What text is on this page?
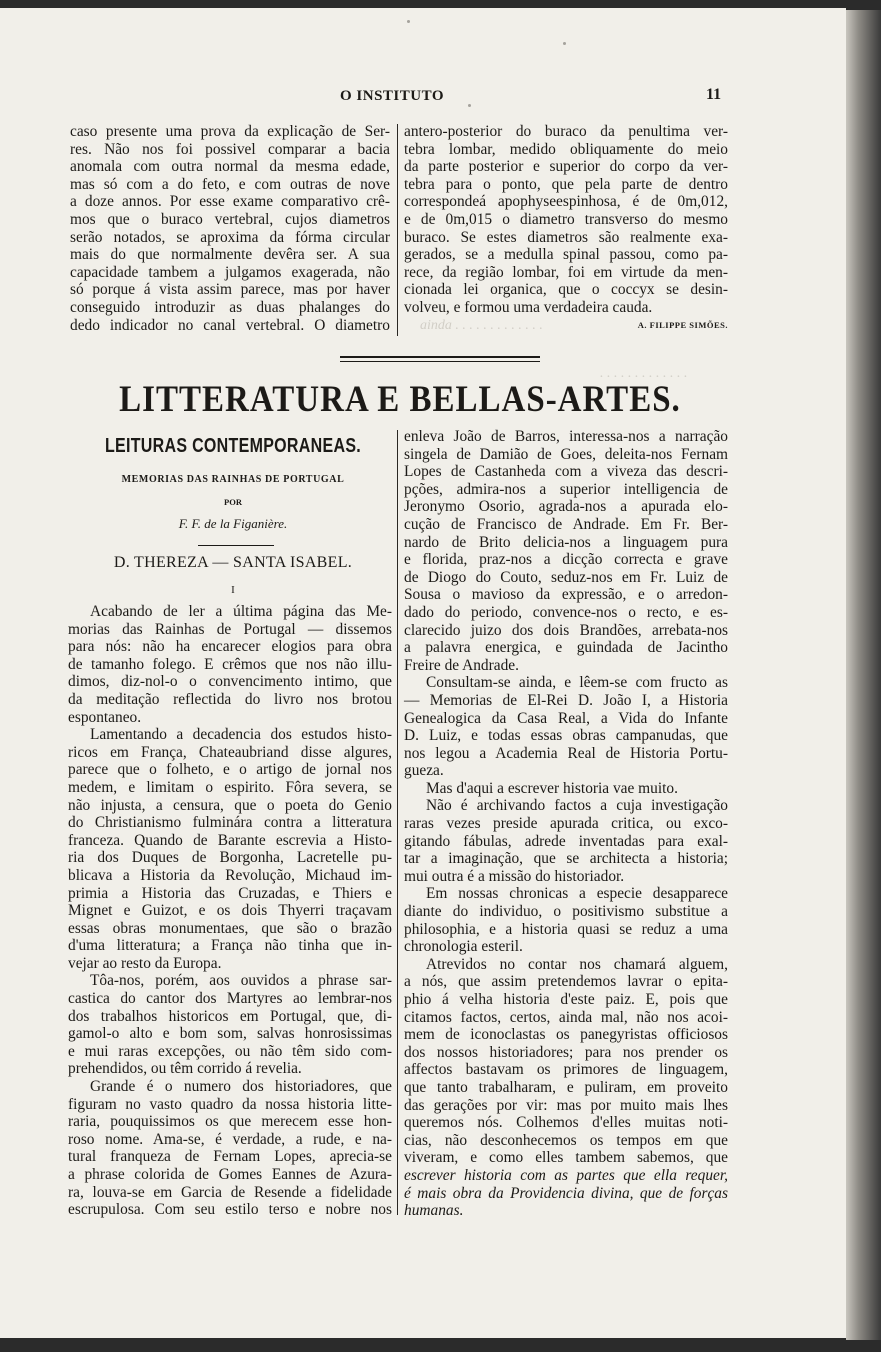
ainda . . . . . . . . . . . . .
. . . . . . . . . . . . .
O INSTITUTO	11

caso presente uma prova da explicação de Ser-

res. Não nos foi possivel comparar a bacia

anomala com outra normal da mesma edade,

mas só com a do feto, e com outras de nove

a doze annos. Por esse exame comparativo crê-

mos que o buraco vertebral, cujos diametros

serão notados, se aproxima da fórma circular

mais do que normalmente devêra ser. A sua

capacidade tambem a julgamos exagerada, não

só porque á vista assim parece, mas por haver

conseguido introduzir as duas phalanges do

dedo indicador no canal vertebral. O diametro

antero-posterior do buraco da penultima ver-

tebra lombar, medido obliquamente do meio

da parte posterior e superior do corpo da ver-

tebra para o ponto, que pela parte de dentro

correspondeá apophyseespinhosa, é de 0m,012,

e de 0m,015 o diametro transverso do mesmo

buraco. Se estes diametros são realmente exa-

gerados, se a medulla spinal passou, como pa-

rece, da região lombar, foi em virtude da men-

cionada lei organica, que o coccyx se desin-

volveu, e formou uma verdadeira cauda.

A. FILIPPE SIMÕES.

LITTERATURA E BELLAS-ARTES.
LEITURAS CONTEMPORANEAS.
MEMORIAS DAS RAINHAS DE PORTUGAL
POR
F. F. de la Figanière.
D. THEREZA — SANTA ISABEL.
I

Acabando de ler a última página das Me-

morias das Rainhas de Portugal — dissemos

para nós: não ha encarecer elogios para obra

de tamanho folego. E crêmos que nos não illu-

dimos, diz-nol-o o convencimento intimo, que

da meditação reflectida do livro nos brotou

espontaneo.

Lamentando a decadencia dos estudos histo-

ricos em França, Chateaubriand disse algures,

parece que o folheto, e o artigo de jornal nos

medem, e limitam o espirito. Fôra severa, se

não injusta, a censura, que o poeta do Genio

do Christianismo fulminára contra a litteratura

franceza. Quando de Barante escrevia a Histo-

ria dos Duques de Borgonha, Lacretelle pu-

blicava a Historia da Revolução, Michaud im-

primia a Historia das Cruzadas, e Thiers e

Mignet e Guizot, e os dois Thyerri traçavam

essas obras monumentaes, que são o brazão

d'uma litteratura; a França não tinha que in-

vejar ao resto da Europa.

Tôa-nos, porém, aos ouvidos a phrase sar-

castica do cantor dos Martyres ao lembrar-nos

dos trabalhos historicos em Portugal, que, di-

gamol-o alto e bom som, salvas honrosissimas

e mui raras excepções, ou não têm sido com-

prehendidos, ou têm corrido á revelia.

Grande é o numero dos historiadores, que

figuram no vasto quadro da nossa historia litte-

raria, pouquissimos os que merecem esse hon-

roso nome. Ama-se, é verdade, a rude, e na-

tural franqueza de Fernam Lopes, aprecia-se

a phrase colorida de Gomes Eannes de Azura-

ra, louva-se em Garcia de Resende a fidelidade

escrupulosa. Com seu estilo terso e nobre nos

enleva João de Barros, interessa-nos a narração

singela de Damião de Goes, deleita-nos Fernam

Lopes de Castanheda com a viveza das descri-

pções, admira-nos a superior intelligencia de

Jeronymo Osorio, agrada-nos a apurada elo-

cução de Francisco de Andrade. Em Fr. Ber-

nardo de Brito delicia-nos a linguagem pura

e florida, praz-nos a dicção correcta e grave

de Diogo do Couto, seduz-nos em Fr. Luiz de

Sousa o mavioso da expressão, e o arredon-

dado do periodo, convence-nos o recto, e es-

clarecido juizo dos dois Brandões, arrebata-nos

a palavra energica, e guindada de Jacintho

Freire de Andrade.

Consultam-se ainda, e lêem-se com fructo as

— Memorias de El-Rei D. João I, a Historia

Genealogica da Casa Real, a Vida do Infante

D. Luiz, e todas essas obras campanudas, que

nos legou a Academia Real de Historia Portu-

gueza.

Mas d'aqui a escrever historia vae muito.

Não é archivando factos a cuja investigação

raras vezes preside apurada critica, ou exco-

gitando fábulas, adrede inventadas para exal-

tar a imaginação, que se architecta a historia;

mui outra é a missão do historiador.

Em nossas chronicas a especie desapparece

diante do individuo, o positivismo substitue a

philosophia, e a historia quasi se reduz a uma

chronologia esteril.

Atrevidos no contar nos chamará alguem,

a nós, que assim pretendemos lavrar o epita-

phio á velha historia d'este paiz. E, pois que

citamos factos, certos, ainda mal, não nos acoi-

mem de iconoclastas os panegyristas officiosos

dos nossos historiadores; para nos prender os

affectos bastavam os primores de linguagem,

que tanto trabalharam, e puliram, em proveito

das gerações por vir: mas por muito mais lhes

queremos nós. Colhemos d'elles muitas noti-

cias, não desconhecemos os tempos em que

viveram, e como elles tambem sabemos, que

escrever historia com as partes que ella requer,

é mais obra da Providencia divina, que de forças

humanas.
